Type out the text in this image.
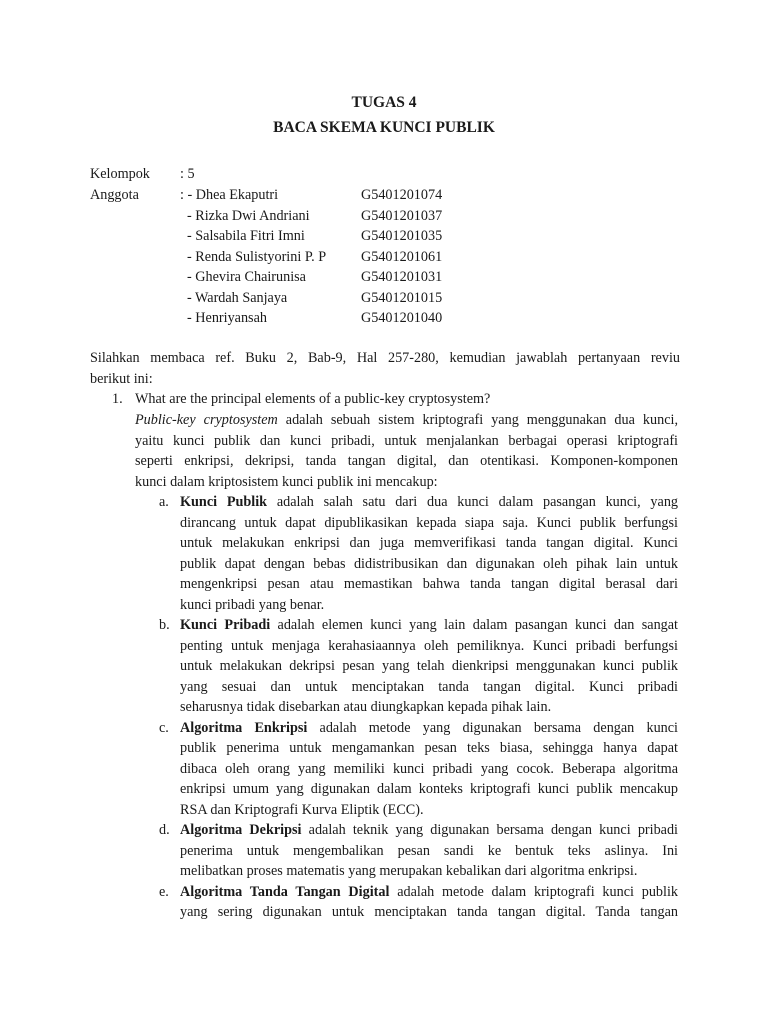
TUGAS 4
BACA SKEMA KUNCI PUBLIK
Kelompok : 5
Anggota	: - Dhea Ekaputri	G5401201074
- Rizka Dwi Andriani	G5401201037
- Salsabila Fitri Imni	G5401201035
- Renda Sulistyorini P. P G5401201061
- Ghevira Chairunisa	G5401201031
- Wardah Sanjaya	G5401201015
- Henriyansah	G5401201040
Silahkan membaca ref. Buku 2, Bab-9, Hal 257-280, kemudian jawablah pertanyaan reviu
berikut ini:
1. What are the principal elements of a public-key cryptosystem?
Public-key cryptosystem adalah sebuah sistem kriptografi yang menggunakan dua kunci,
yaitu kunci publik dan kunci pribadi, untuk menjalankan berbagai operasi kriptografi
seperti enkripsi, dekripsi, tanda tangan digital, dan otentikasi. Komponen-komponen
kunci dalam kriptosistem kunci publik ini mencakup:
a. Kunci Publik adalah salah satu dari dua kunci dalam pasangan kunci, yang
dirancang untuk dapat dipublikasikan kepada siapa saja. Kunci publik berfungsi
untuk melakukan enkripsi dan juga memverifikasi tanda tangan digital. Kunci
publik dapat dengan bebas didistribusikan dan digunakan oleh pihak lain untuk
mengenkripsi pesan atau memastikan bahwa tanda tangan digital berasal dari
kunci pribadi yang benar.
b. Kunci Pribadi adalah elemen kunci yang lain dalam pasangan kunci dan sangat
penting untuk menjaga kerahasiaannya oleh pemiliknya. Kunci pribadi berfungsi
untuk melakukan dekripsi pesan yang telah dienkripsi menggunakan kunci publik
yang sesuai dan untuk menciptakan tanda tangan digital. Kunci pribadi
seharusnya tidak disebarkan atau diungkapkan kepada pihak lain.
c. Algoritma Enkripsi adalah metode yang digunakan bersama dengan kunci
publik penerima untuk mengamankan pesan teks biasa, sehingga hanya dapat
dibaca oleh orang yang memiliki kunci pribadi yang cocok. Beberapa algoritma
enkripsi umum yang digunakan dalam konteks kriptografi kunci publik mencakup
RSA dan Kriptografi Kurva Eliptik (ECC).
d. Algoritma Dekripsi adalah teknik yang digunakan bersama dengan kunci pribadi
penerima untuk mengembalikan pesan sandi ke bentuk teks aslinya. Ini
melibatkan proses matematis yang merupakan kebalikan dari algoritma enkripsi.
e. Algoritma Tanda Tangan Digital adalah metode dalam kriptografi kunci publik
yang sering digunakan untuk menciptakan tanda tangan digital. Tanda tangan
